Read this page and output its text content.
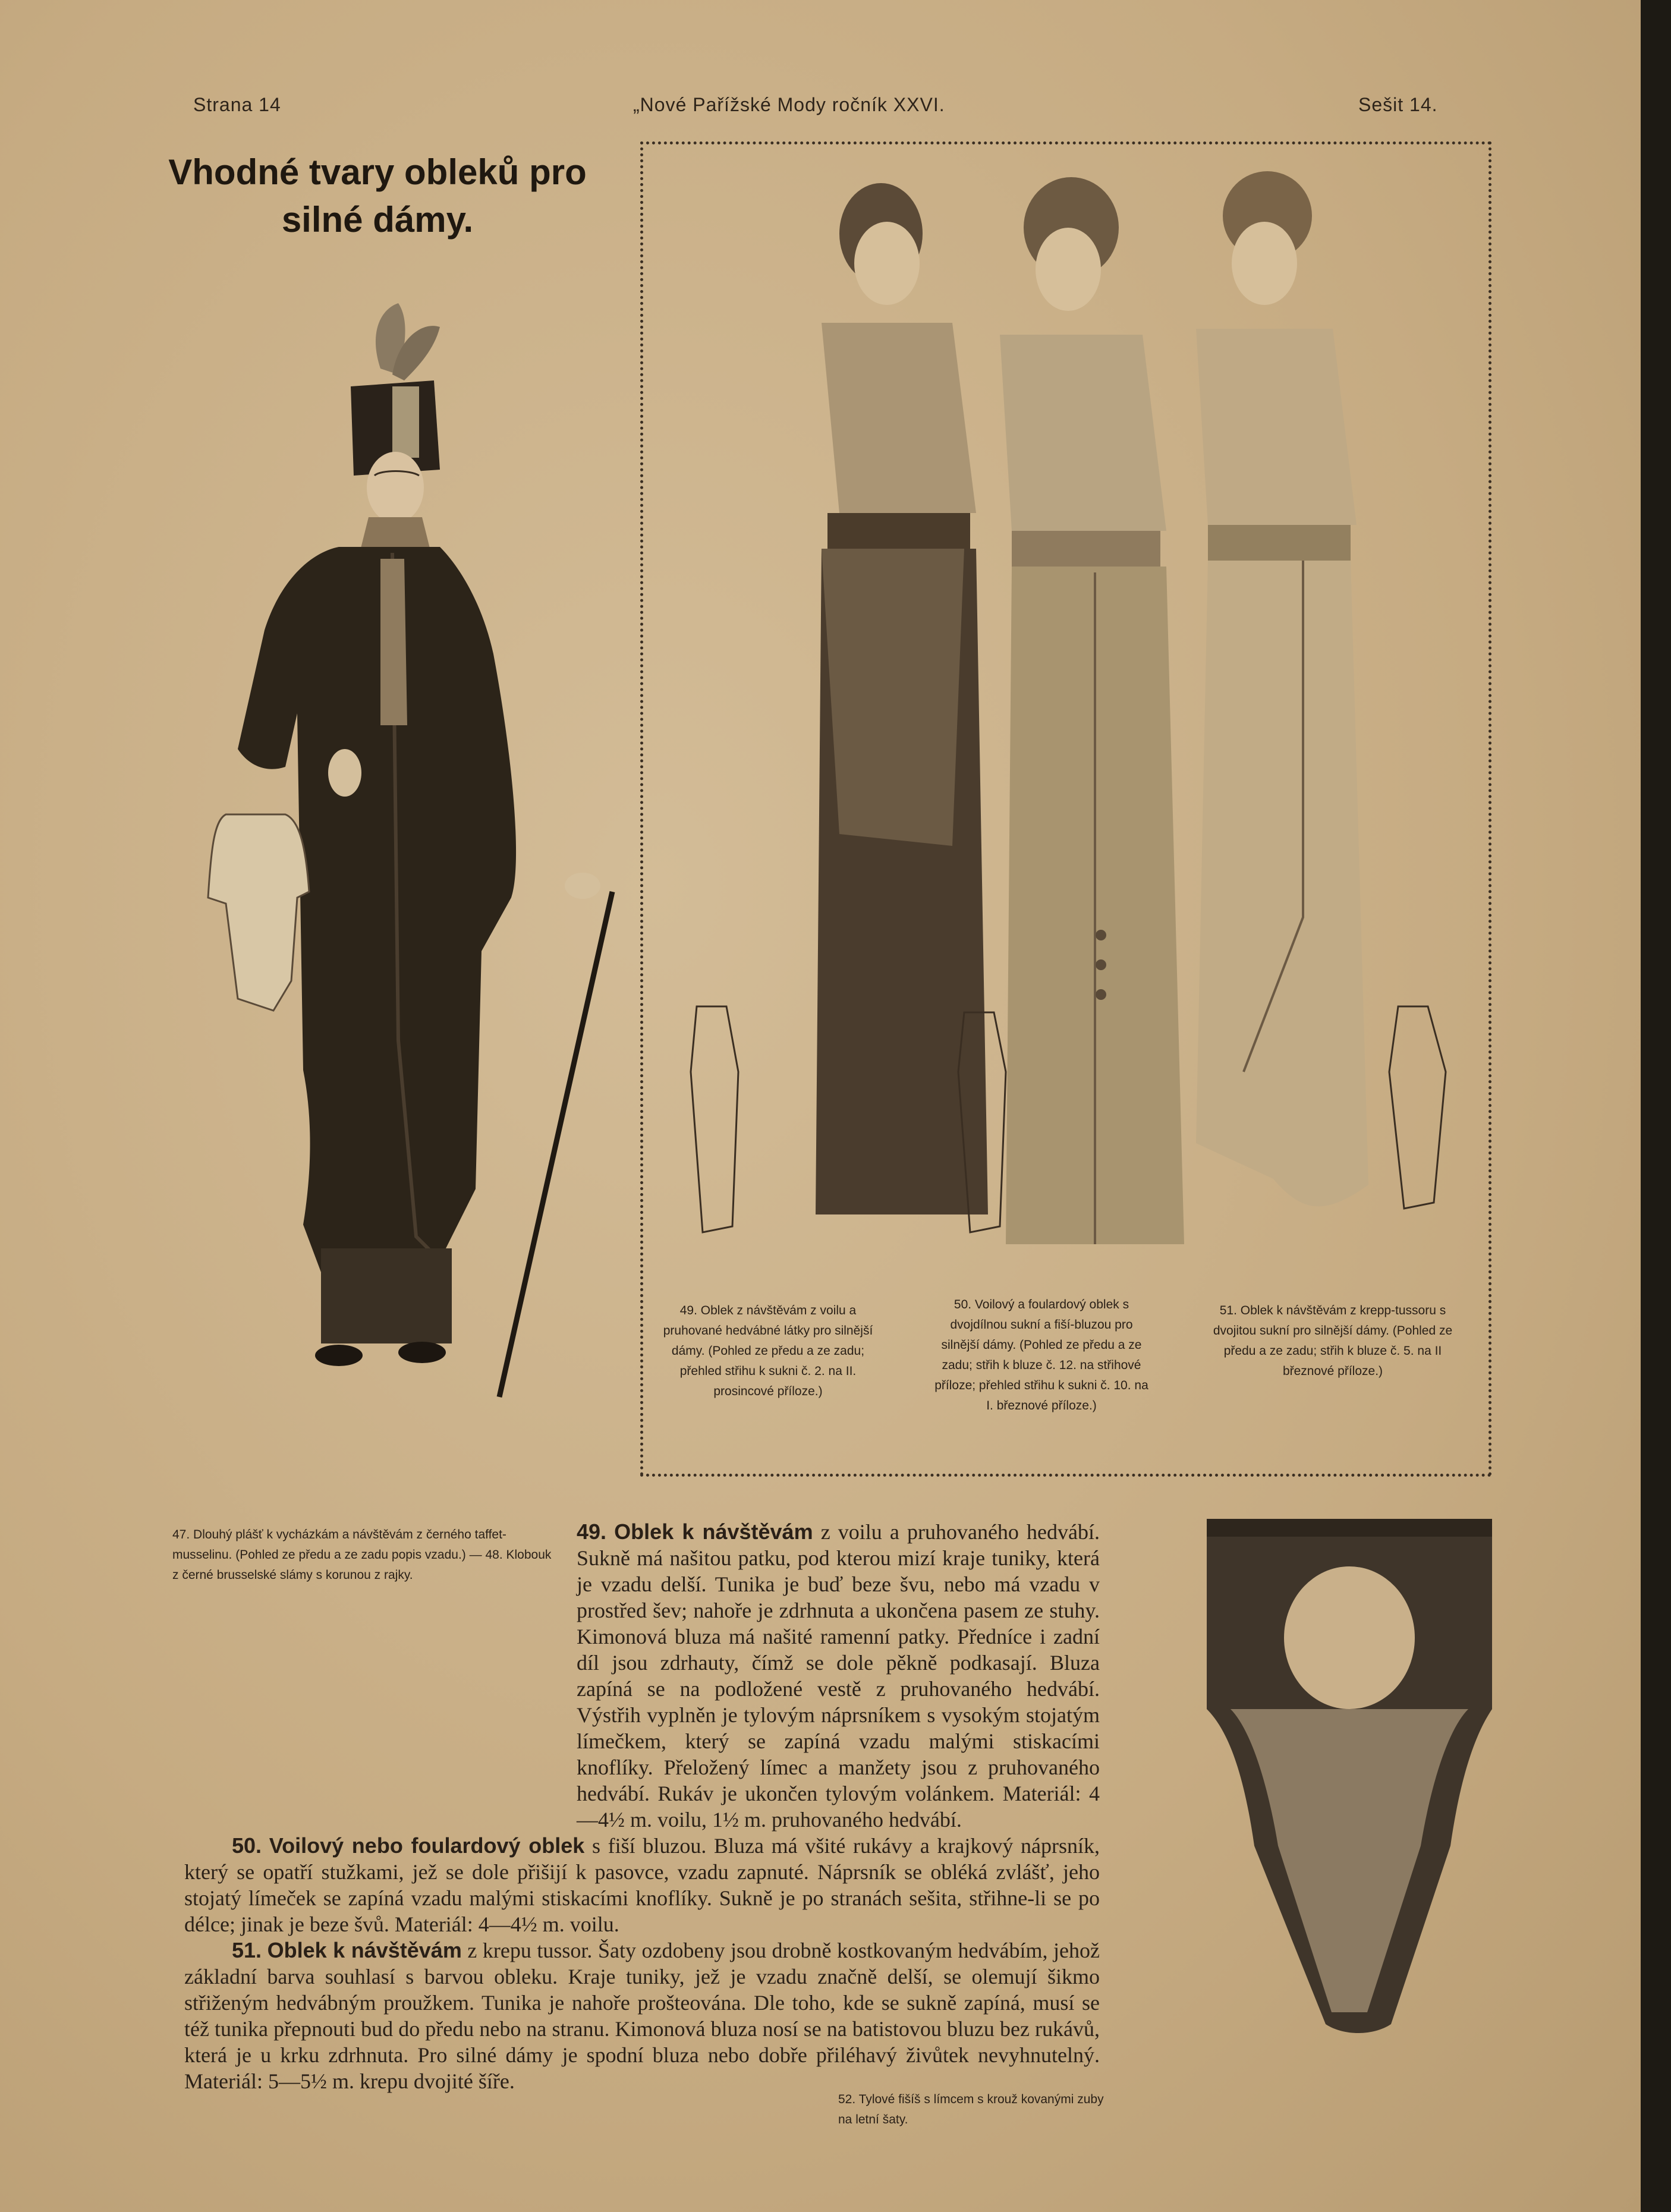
Strana 14	„Nové Pařížské Mody ročník XXVI.	Sešit 14.
Vhodné tvary obleků pro
silné dámy.
49. Oblek z návštěvám z voilu a pruhované hedvábné látky pro silnější dámy. (Pohled ze předu a ze zadu; přehled střihu k sukni č. 2. na II. prosincové příloze.)
50. Voilový a foulardový oblek s dvojdílnou sukní a fiší-bluzou pro silnější dámy. (Pohled ze předu a ze zadu; střih k bluze č. 12. na střihové příloze; přehled střihu k sukni č. 10. na I. březnové příloze.)
51. Oblek k návštěvám z krepp-tussoru s dvojitou sukní pro silnější dámy. (Pohled ze předu a ze zadu; střih k bluze č. 5. na II březnové příloze.)
47. Dlouhý plášť k vycházkám a návštěvám z černého taffet-musselinu. (Pohled ze předu a ze zadu popis vzadu.) — 48. Klobouk z černé brusselské slámy s korunou z rajky.

49. Oblek k návštěvám z voilu a pruhovaného hedvábí. Sukně má našitou patku, pod kterou mizí kraje tuniky, která je vzadu delší. Tunika je buď beze švu, nebo má vzadu v prostřed šev; nahoře je zdrhnuta a ukončena pasem ze stuhy. Kimonová bluza má našité ramenní patky. Předníce i zadní díl jsou zdrhauty, čímž se dole pěkně podkasají. Bluza zapíná se na podložené vestě z pruhovaného hedvábí. Výstřih vyplněn je tylovým náprsníkem s vysokým stojatým límečkem, který se zapíná vzadu malými stiskacími knoflíky. Přeložený límec a manžety jsou z pruhovaného hedvábí. Rukáv je ukončen tylovým volánkem. Materiál: 4—4½ m. voilu, 1½ m. pruhovaného hedvábí.

50. Voilový nebo foulardový oblek s fiší bluzou. Bluza má všité rukávy a krajkový náprsník, který se opatří stužkami, jež se dole přišijí k pasovce, vzadu zapnuté. Náprsník se obléká zvlášť, jeho stojatý límeček se zapíná vzadu malými stiskacími knoflíky. Sukně je po stranách sešita, střihne-li se po délce; jinak je beze švů. Materiál: 4—4½ m. voilu.

51. Oblek k návštěvám z krepu tussor. Šaty ozdobeny jsou drobně kostkovaným hedvábím, jehož základní barva souhlasí s barvou obleku. Kraje tuniky, jež je vzadu značně delší, se olemují šikmo střiženým hedvábným proužkem. Tunika je nahoře prošteována. Dle toho, kde se sukně zapíná, musí se též tunika přepnouti bud do předu nebo na stranu. Kimonová bluza nosí se na batistovou bluzu bez rukávů, která je u krku zdrhnuta. Pro silné dámy je spodní bluza nebo dobře přiléhavý živůtek nevyhnutelný. Materiál: 5—5½ m. krepu dvojité šíře.

52. Tylové fišíš s límcem s krouž kovanými zuby na letní šaty.
